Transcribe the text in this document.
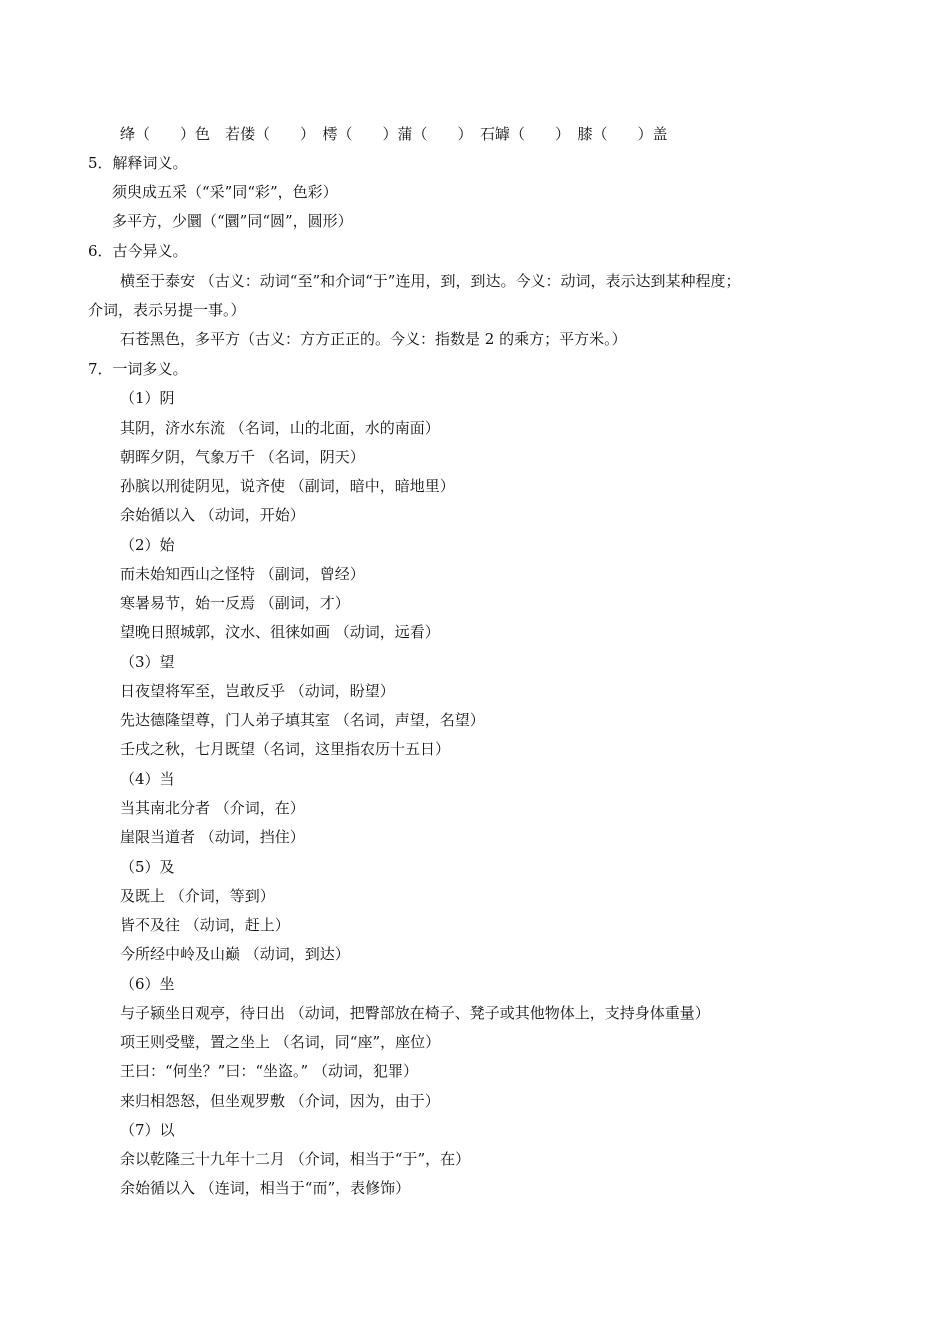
绛（　　）色　若偻（　　）　樗（　　）蒲（　　）　石罅（　　）　膝（　　）盖
5．解释词义。
须臾成五采（“采”同“彩”，色彩）
多平方，少圜（“圜”同“圆”，圆形）
6．古今异义。
横至于泰安 （古义：动词“至”和介词“于”连用，到，到达。今义：动词，表示达到某种程度；
介词，表示另提一事。）
石苍黑色，多平方（古义：方方正正的。今义：指数是 2 的乘方；平方米。）
7．一词多义。
（1）阴
其阴，济水东流 （名词，山的北面，水的南面）
朝晖夕阴，气象万千 （名词，阴天）
孙膑以刑徒阴见，说齐使 （副词，暗中，暗地里）
余始循以入 （动词，开始）
（2）始
而未始知西山之怪特 （副词，曾经）
寒暑易节，始一反焉 （副词，才）
望晚日照城郭，汶水、徂徕如画 （动词，远看）
（3）望
日夜望将军至，岂敢反乎 （动词，盼望）
先达德隆望尊，门人弟子填其室 （名词，声望，名望）
壬戌之秋，七月既望（名词，这里指农历十五日）
（4）当
当其南北分者 （介词，在）
崖限当道者 （动词，挡住）
（5）及
及既上 （介词，等到）
皆不及往 （动词，赶上）
今所经中岭及山巅 （动词，到达）
（6）坐
与子颍坐日观亭，待日出 （动词，把臀部放在椅子、凳子或其他物体上，支持身体重量）
项王则受璧，置之坐上 （名词，同“座”，座位）
王曰：“何坐？”曰：“坐盗。” （动词，犯罪）
来归相怨怒，但坐观罗敷 （介词，因为，由于）
（7）以
余以乾隆三十九年十二月 （介词，相当于“于”，在）
余始循以入 （连词，相当于“而”，表修饰）
